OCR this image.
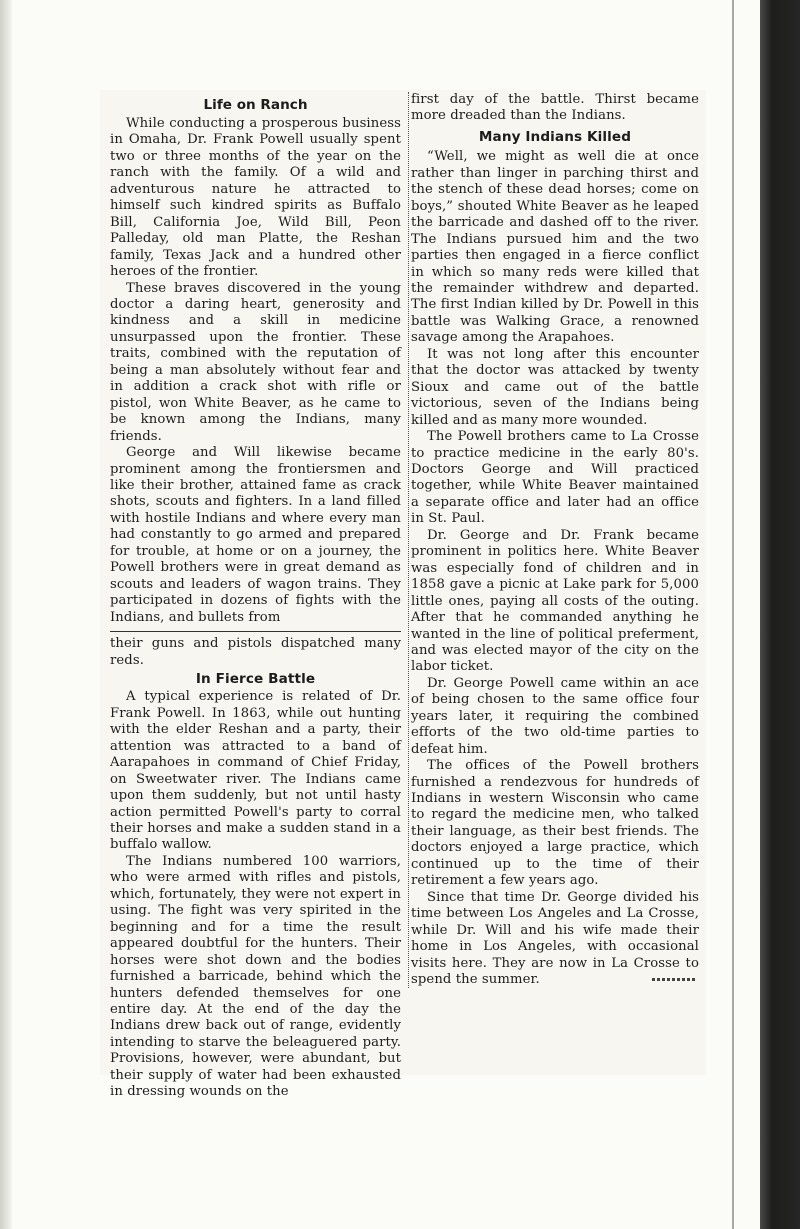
Life on Ranch

While conducting a prosperous business in Omaha, Dr. Frank Powell usually spent two or three months of the year on the ranch with the family. Of a wild and adventurous nature he attracted to himself such kindred spirits as Buffalo Bill, California Joe, Wild Bill, Peon Palleday, old man Platte, the Reshan family, Texas Jack and a hundred other heroes of the frontier.

These braves discovered in the young doctor a daring heart, generosity and kindness and a skill in medicine unsurpassed upon the frontier. These traits, combined with the reputation of being a man absolutely without fear and in addition a crack shot with rifle or pistol, won White Beaver, as he came to be known among the Indians, many friends.

George and Will likewise became prominent among the frontiersmen and like their brother, attained fame as crack shots, scouts and fighters. In a land filled with hostile Indians and where every man had constantly to go armed and prepared for trouble, at home or on a journey, the Powell brothers were in great demand as scouts and leaders of wagon trains. They participated in dozens of fights with the Indians, and bullets from

their guns and pistols dispatched many reds.

In Fierce Battle

A typical experience is related of Dr. Frank Powell. In 1863, while out hunting with the elder Reshan and a party, their attention was attracted to a band of Aarapahoes in command of Chief Friday, on Sweetwater river. The Indians came upon them suddenly, but not until hasty action permitted Powell's party to corral their horses and make a sudden stand in a buffalo wallow.

The Indians numbered 100 warriors, who were armed with rifles and pistols, which, fortunately, they were not expert in using. The fight was very spirited in the beginning and for a time the result appeared doubtful for the hunters. Their horses were shot down and the bodies furnished a barricade, behind which the hunters defended themselves for one entire day. At the end of the day the Indians drew back out of range, evidently intending to starve the beleaguered party. Provisions, however, were abundant, but their supply of water had been exhausted in dressing wounds on the

first day of the battle. Thirst became more dreaded than the Indians.

Many Indians Killed

“Well, we might as well die at once rather than linger in parching thirst and the stench of these dead horses; come on boys,” shouted White Beaver as he leaped the barricade and dashed off to the river. The Indians pursued him and the two parties then engaged in a fierce conflict in which so many reds were killed that the remainder withdrew and departed. The first Indian killed by Dr. Powell in this battle was Walking Grace, a renowned savage among the Arapahoes.

It was not long after this encounter that the doctor was attacked by twenty Sioux and came out of the battle victorious, seven of the Indians being killed and as many more wounded.

The Powell brothers came to La Crosse to practice medicine in the early 80's. Doctors George and Will practiced together, while White Beaver maintained a separate office and later had an office in St. Paul.

Dr. George and Dr. Frank became prominent in politics here. White Beaver was especially fond of children and in 1858 gave a picnic at Lake park for 5,000 little ones, paying all costs of the outing. After that he commanded anything he wanted in the line of political preferment, and was elected mayor of the city on the labor ticket.

Dr. George Powell came within an ace of being chosen to the same office four years later, it requiring the combined efforts of the two old-time parties to defeat him.

The offices of the Powell brothers furnished a rendezvous for hundreds of Indians in western Wisconsin who came to regard the medicine men, who talked their language, as their best friends. The doctors enjoyed a large practice, which continued up to the time of their retirement a few years ago.

Since that time Dr. George divided his time between Los Angeles and La Crosse, while Dr. Will and his wife made their home in Los Angeles, with occasional visits here. They are now in La Crosse to spend the summer.
